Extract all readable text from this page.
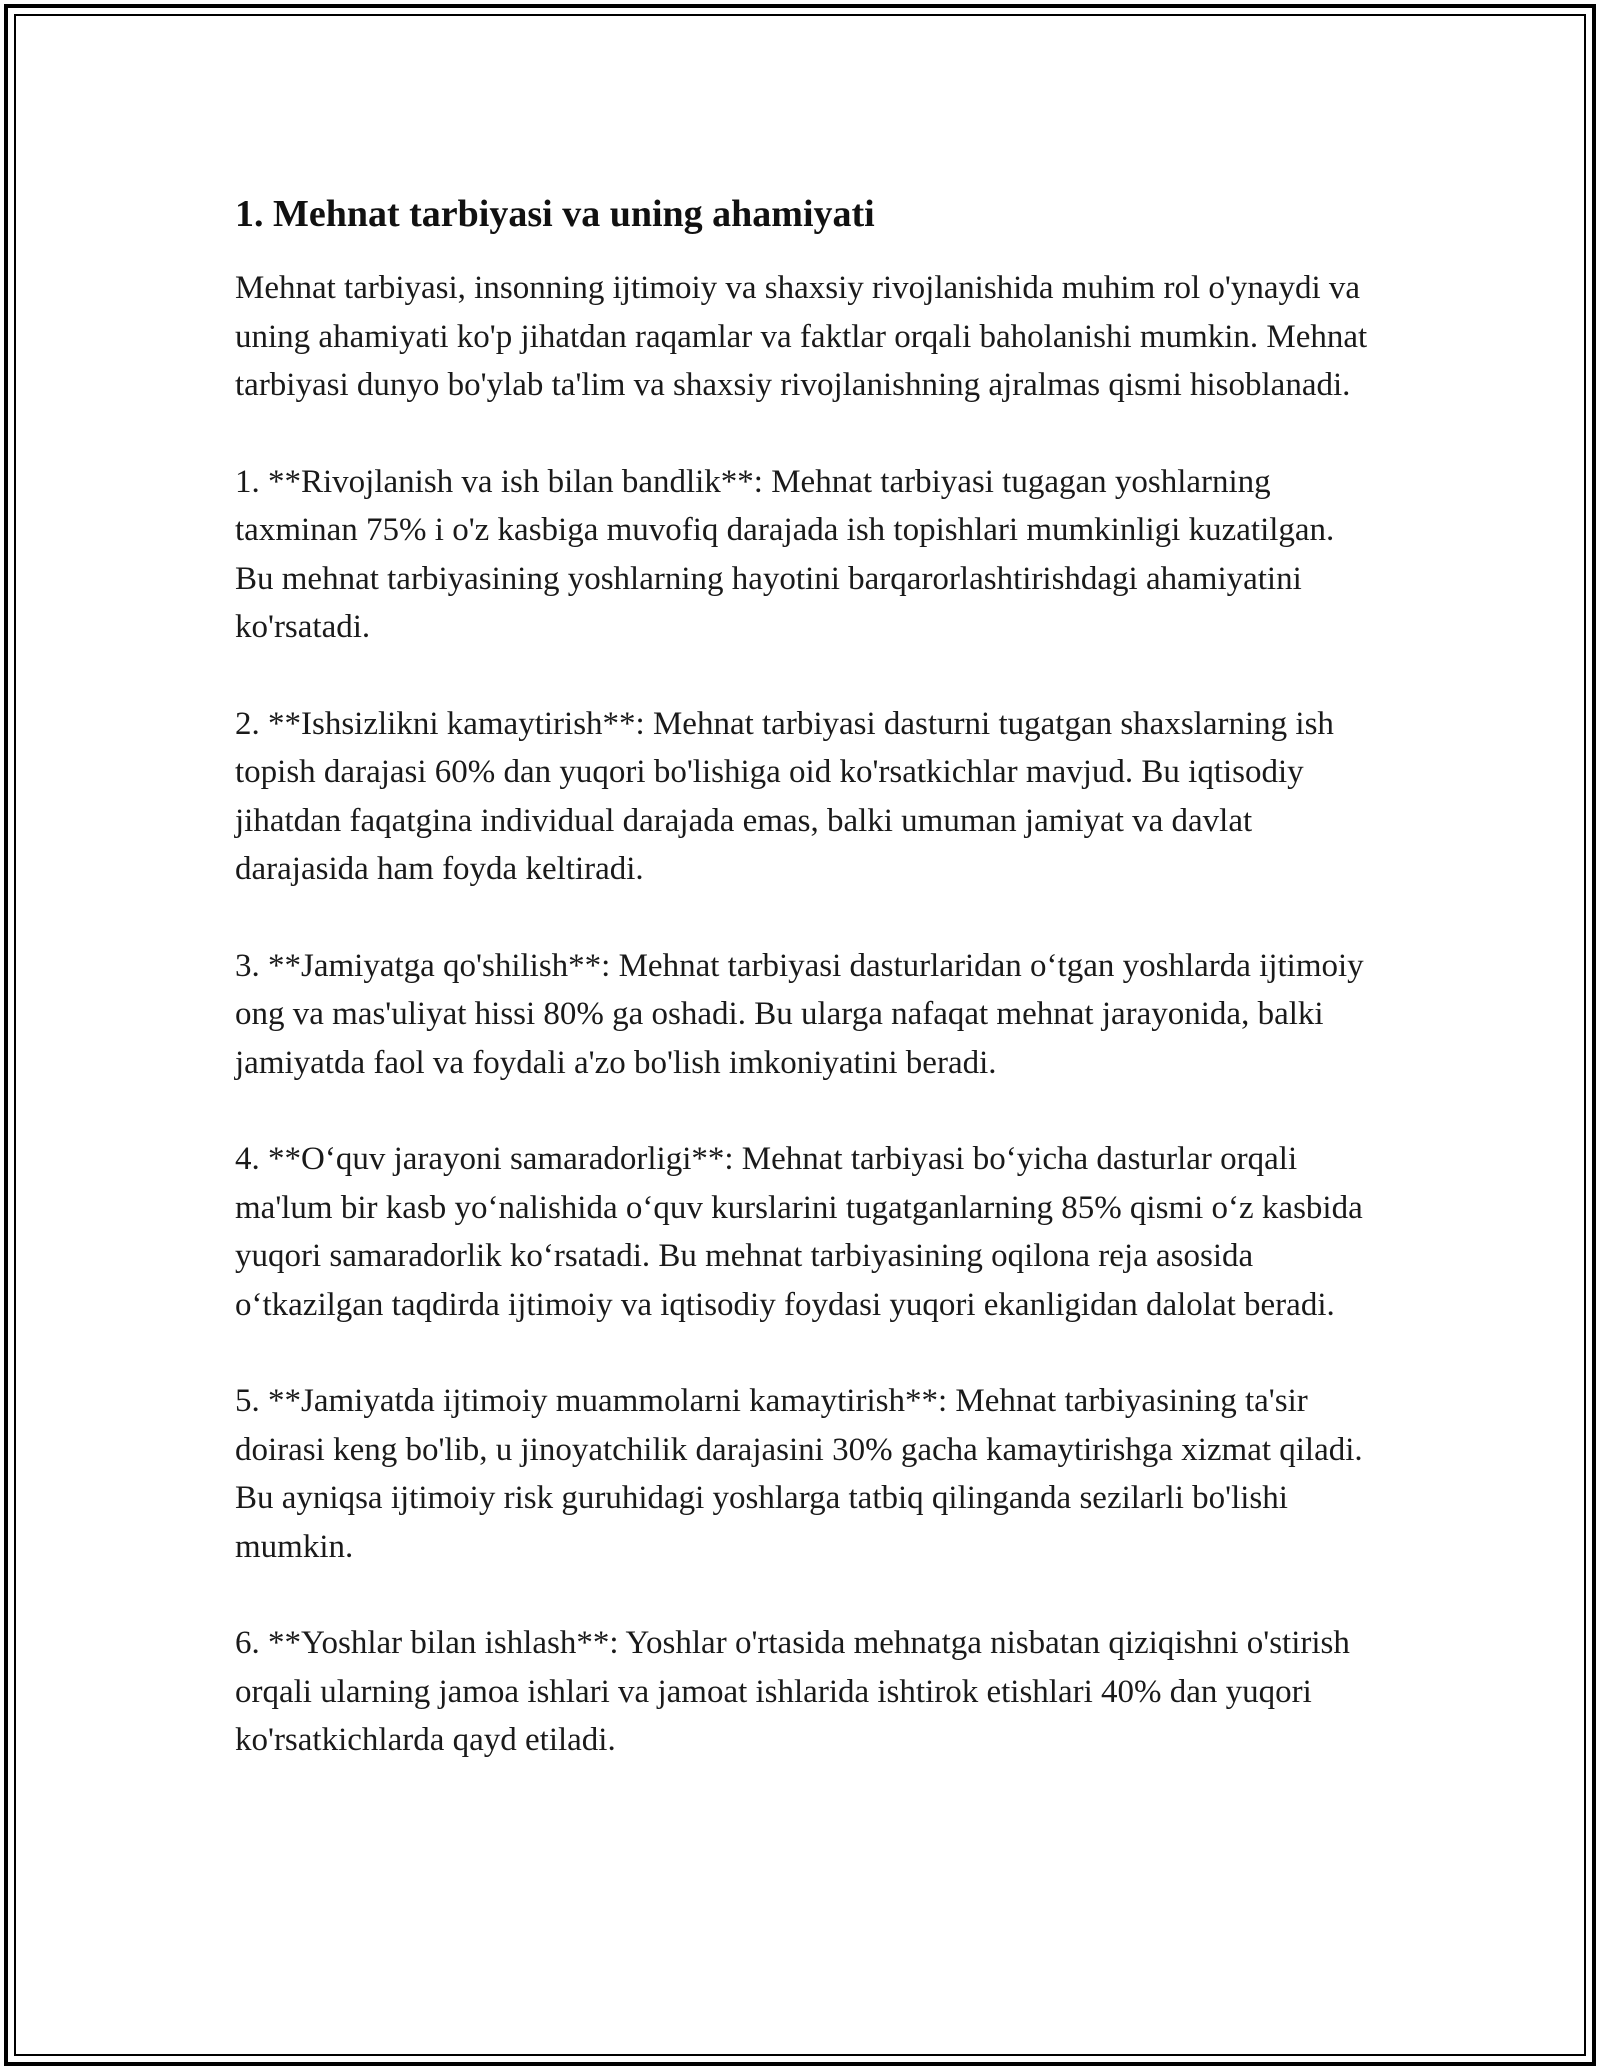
1. Mehnat tarbiyasi va uning ahamiyati

Mehnat tarbiyasi, insonning ijtimoiy va shaxsiy rivojlanishida muhim rol o'ynaydi va uning ahamiyati ko'p jihatdan raqamlar va faktlar orqali baholanishi mumkin. Mehnat tarbiyasi dunyo bo'ylab ta'lim va shaxsiy rivojlanishning ajralmas qismi hisoblanadi.

1. **Rivojlanish va ish bilan bandlik**: Mehnat tarbiyasi tugagan yoshlarning taxminan 75% i o'z kasbiga muvofiq darajada ish topishlari mumkinligi kuzatilgan. Bu mehnat tarbiyasining yoshlarning hayotini barqarorlashtirishdagi ahamiyatini ko'rsatadi.

2. **Ishsizlikni kamaytirish**: Mehnat tarbiyasi dasturni tugatgan shaxslarning ish topish darajasi 60% dan yuqori bo'lishiga oid ko'rsatkichlar mavjud. Bu iqtisodiy jihatdan faqatgina individual darajada emas, balki umuman jamiyat va davlat darajasida ham foyda keltiradi.

3. **Jamiyatga qo'shilish**: Mehnat tarbiyasi dasturlaridan o‘tgan yoshlarda ijtimoiy ong va mas'uliyat hissi 80% ga oshadi. Bu ularga nafaqat mehnat jarayonida, balki jamiyatda faol va foydali a'zo bo'lish imkoniyatini beradi.

4. **O‘quv jarayoni samaradorligi**: Mehnat tarbiyasi bo‘yicha dasturlar orqali ma'lum bir kasb yo‘nalishida o‘quv kurslarini tugatganlarning 85% qismi o‘z kasbida yuqori samaradorlik ko‘rsatadi. Bu mehnat tarbiyasining oqilona reja asosida o‘tkazilgan taqdirda ijtimoiy va iqtisodiy foydasi yuqori ekanligidan dalolat beradi.

5. **Jamiyatda ijtimoiy muammolarni kamaytirish**: Mehnat tarbiyasining ta'sir doirasi keng bo'lib, u jinoyatchilik darajasini 30% gacha kamaytirishga xizmat qiladi. Bu ayniqsa ijtimoiy risk guruhidagi yoshlarga tatbiq qilinganda sezilarli bo'lishi mumkin.

6. **Yoshlar bilan ishlash**: Yoshlar o'rtasida mehnatga nisbatan qiziqishni o'stirish orqali ularning jamoa ishlari va jamoat ishlarida ishtirok etishlari 40% dan yuqori ko'rsatkichlarda qayd etiladi.
